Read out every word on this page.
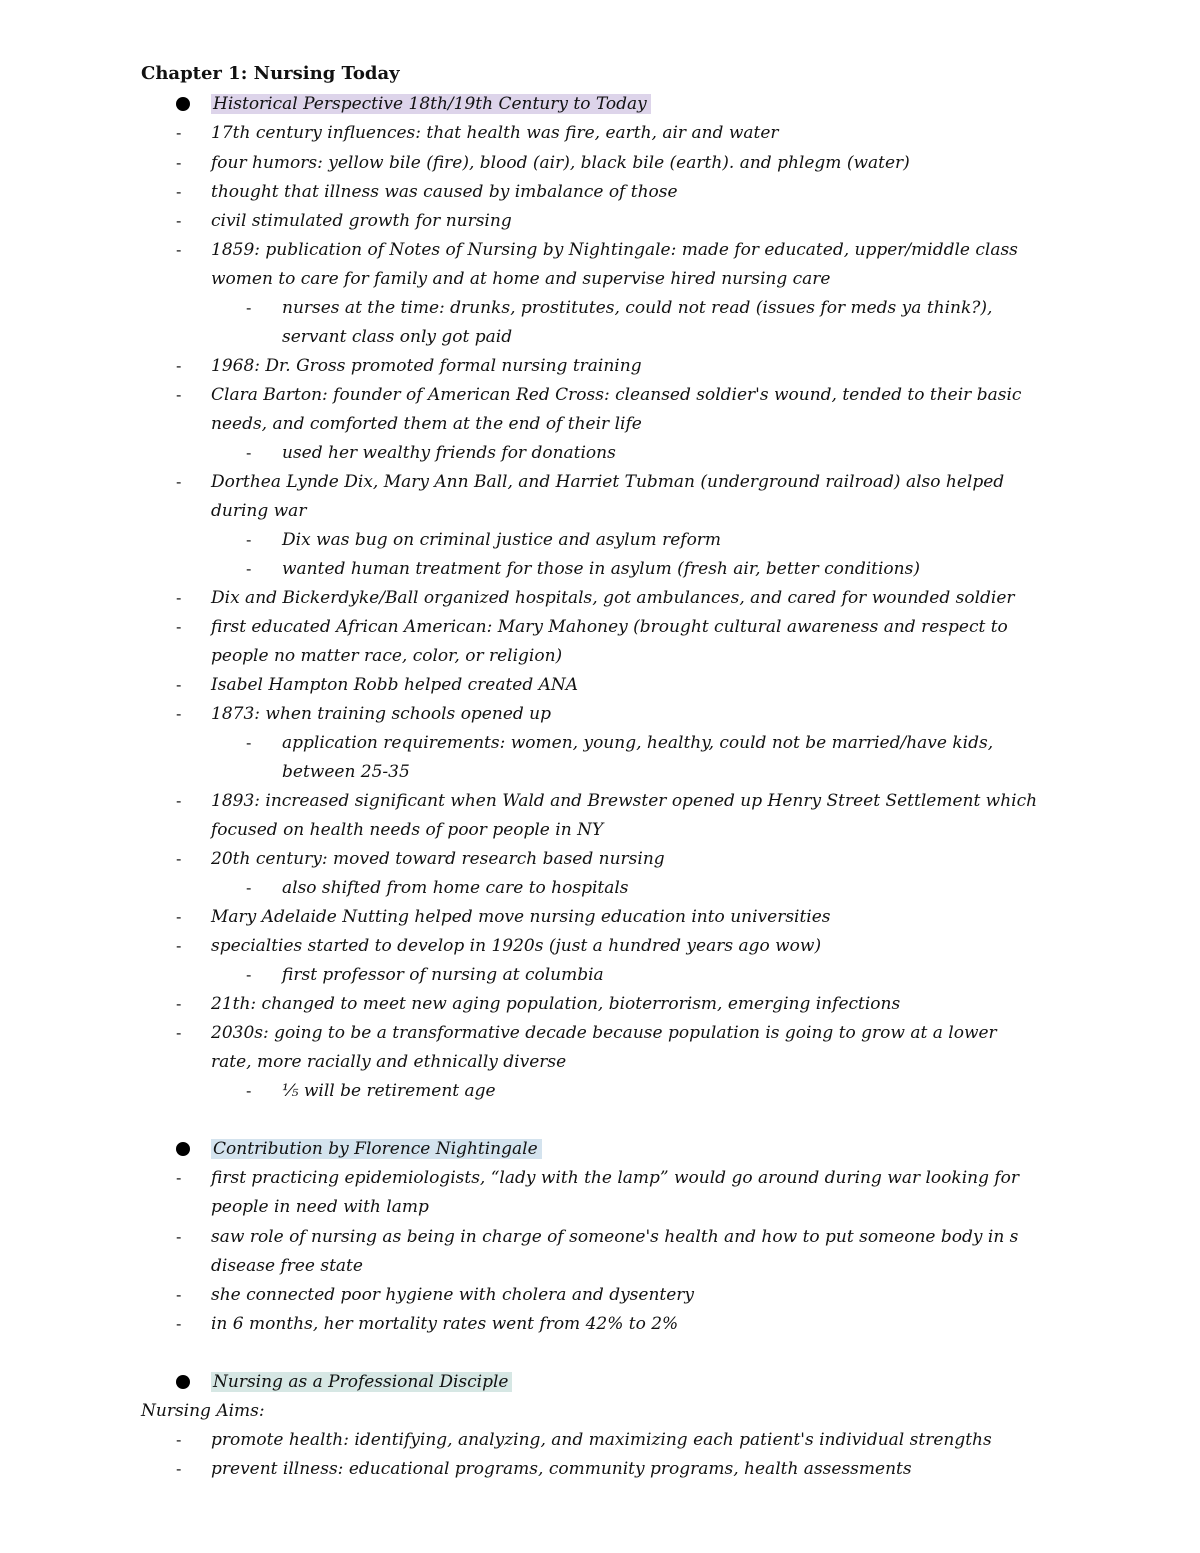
Chapter 1: Nursing Today
Historical Perspective 18th/19th Century to Today
- 17th century influences: that health was fire, earth, air and water
- four humors: yellow bile (fire), blood (air), black bile (earth). and phlegm (water)
- thought that illness was caused by imbalance of those
- civil stimulated growth for nursing
- 1859: publication of Notes of Nursing by Nightingale: made for educated, upper/middle class
women to care for family and at home and supervise hired nursing care
- nurses at the time: drunks, prostitutes, could not read (issues for meds ya think?),
servant class only got paid
- 1968: Dr. Gross promoted formal nursing training
- Clara Barton: founder of American Red Cross: cleansed soldier's wound, tended to their basic
needs, and comforted them at the end of their life
- used her wealthy friends for donations
- Dorthea Lynde Dix, Mary Ann Ball, and Harriet Tubman (underground railroad) also helped
during war
- Dix was bug on criminal justice and asylum reform
- wanted human treatment for those in asylum (fresh air, better conditions)
- Dix and Bickerdyke/Ball organized hospitals, got ambulances, and cared for wounded soldier
- first educated African American: Mary Mahoney (brought cultural awareness and respect to
people no matter race, color, or religion)
- Isabel Hampton Robb helped created ANA
- 1873: when training schools opened up
- application requirements: women, young, healthy, could not be married/have kids,
between 25-35
- 1893: increased significant when Wald and Brewster opened up Henry Street Settlement which
focused on health needs of poor people in NY
- 20th century: moved toward research based nursing
- also shifted from home care to hospitals
- Mary Adelaide Nutting helped move nursing education into universities
- specialties started to develop in 1920s (just a hundred years ago wow)
- first professor of nursing at columbia
- 21th: changed to meet new aging population, bioterrorism, emerging infections
- 2030s: going to be a transformative decade because population is going to grow at a lower
rate, more racially and ethnically diverse
- ⅕ will be retirement age
Contribution by Florence Nightingale
- first practicing epidemiologists, “lady with the lamp” would go around during war looking for
people in need with lamp
- saw role of nursing as being in charge of someone's health and how to put someone body in s
disease free state
- she connected poor hygiene with cholera and dysentery
- in 6 months, her mortality rates went from 42% to 2%
Nursing as a Professional Disciple
Nursing Aims:
- promote health: identifying, analyzing, and maximizing each patient's individual strengths
- prevent illness: educational programs, community programs, health assessments
